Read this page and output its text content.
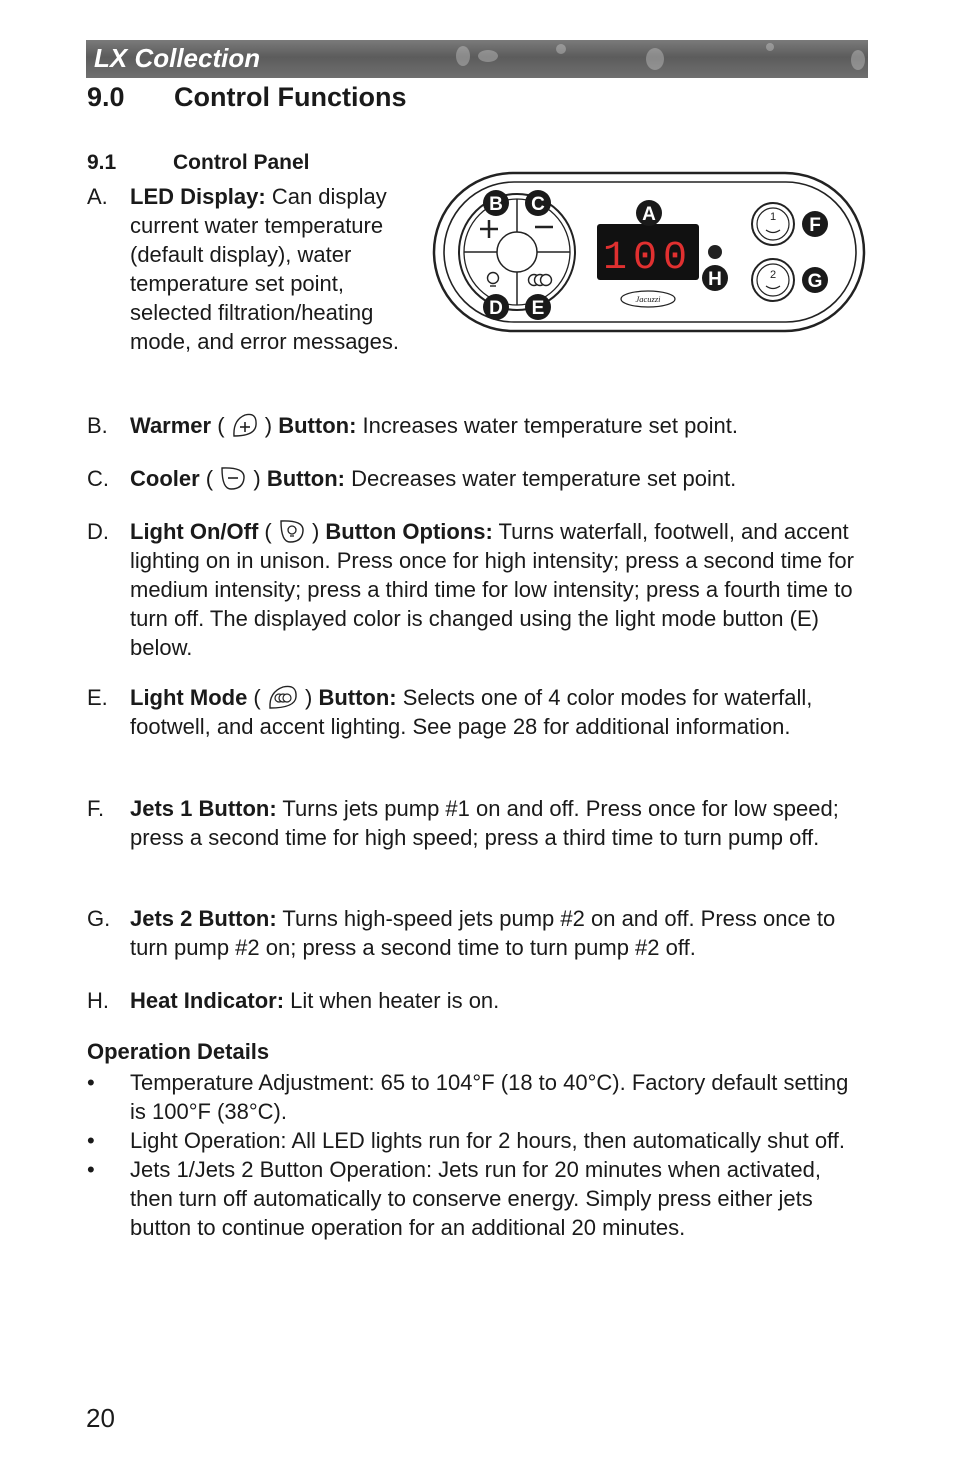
LX Collection
9.0 Control Functions
9.1	Control Panel
100
Jacuzzi
1
2
A
B C
D E
F
G
H
A.	LED Display: Can display current water temperature (default display), water temperature set point, selected filtration/heating mode, and error messages.
B.	Warmer (  ) Button: Increases water temperature set point.
C. Cooler (  ) Button: Decreases water temperature set point.
D. Light On/Off (  ) Button Options: Turns waterfall, footwell, and accent lighting on in unison. Press once for high intensity; press a second time for medium intensity; press a third time for low intensity; press a fourth time to turn off. The displayed color is changed using the light mode button (E) below.
E.	Light Mode (  ) Button: Selects one of 4 color modes for waterfall, footwell, and accent lighting. See page 28 for additional information.
F.	Jets 1 Button: Turns jets pump #1 on and off. Press once for low speed; press a second time for high speed; press a third time to turn pump off.
G. Jets 2 Button: Turns high-speed jets pump #2 on and off. Press once to turn pump #2 on; press a second time to turn pump #2 off.
H. Heat Indicator: Lit when heater is on.
Operation Details
• Temperature Adjustment: 65 to 104°F (18 to 40°C). Factory default setting is 100°F (38°C).
• Light Operation: All LED lights run for 2 hours, then automatically shut off.
• Jets 1/Jets 2 Button Operation: Jets run for 20 minutes when activated, then turn off automatically to conserve energy. Simply press either jets button to continue operation for an additional 20 minutes.
20
